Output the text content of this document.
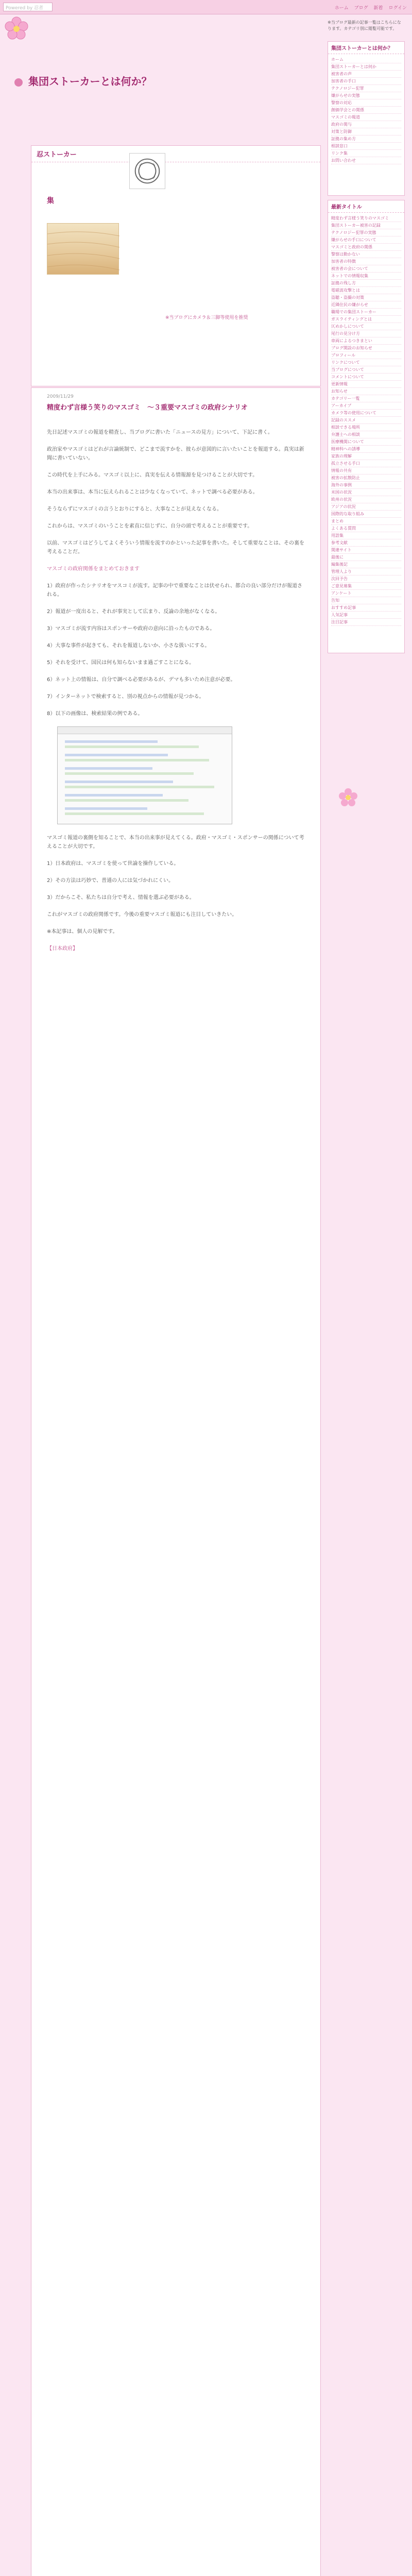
Powered by 忍者	ホーム ブログ 新着 ログイン
集団ストーカーとは何か？
忍ストーカー
集
※当ブログにカメラ＆三脚等使用を推奨
2009/11/29
精度わず言様う笑りのマスゴミ　～３重要マスゴミの政府シナリオ

先日記述マスゴミの報道を精査し、当ブログに書いた「ニュースの見方」について、下記に書く。

政治家やマスゴミはどれが言論統制で、どこまで流すかを、彼らが意図的に言いたいことを報道する。真実は新聞に書いていない。

この時代を上手にみる。マスゴミ以上に、真実を伝える情報源を見つけることが大切です。

本当の出来事は、本当に伝えられることは少なくなっていて、ネットで調べる必要がある。

そうならずにマスゴミの言うとおりにすると、大事なことが見えなくなる。

これからは、マスゴミのいうことを素直に信じずに、自分の頭で考えることが重要です。

以前、マスゴミはどうしてよくそういう情報を流すのかといった記事を書いた。そして重要なことは、その裏を考えることだ。

マスゴミの政府関係をまとめておきます

1）政府が作ったシナリオをマスコミが流す。記事の中で重要なことは伏せられ、都合の良い部分だけが報道される。

2）報道が一度出ると、それが事実として広まり、反論の余地がなくなる。

3）マスゴミが流す内容はスポンサーや政府の意向に沿ったものである。

4）大事な事件が起きても、それを報道しないか、小さな扱いにする。

5）それを受けて、国民は何も知らないまま過ごすことになる。

6）ネット上の情報は、自分で調べる必要があるが、デマも多いため注意が必要。

7）インターネットで検索すると、別の視点からの情報が見つかる。

8）以下の画像は、検索結果の例である。

マスゴミ報道の裏側を知ることで、本当の出来事が見えてくる。政府・マスゴミ・スポンサーの関係について考えることが大切です。

1）日本政府は、マスゴミを使って世論を操作している。

2）その方法は巧妙で、普通の人には気づかれにくい。

3）だからこそ、私たちは自分で考え、情報を選ぶ必要がある。

これがマスゴミの政府関係です。今後の重要マスゴミ報道にも注目していきたい。

※本記事は、個人の見解です。

【日本政府】

※当ブログ最新の記事一覧はこちらになります。カテゴリ別に閲覧可能です。
集団ストーカーとは何か？
ホーム
集団ストーカーとは何か
被害者の声
加害者の手口
テクノロジー犯罪
嫌がらせの実態
警察の対応
創価学会との関係
マスゴミの報道
政府の関与
対策と防御
証拠の集め方
相談窓口
リンク集
お問い合わせ
最新タイトル
精度わず言様う笑りのマスゴミ
集団ストーカー被害の記録
テクノロジー犯罪の実態
嫌がらせの手口について
マスゴミと政府の関係
警察は動かない
加害者の特徴
被害者の会について
ネットでの情報収集
証拠の残し方
電磁波攻撃とは
盗聴・盗撮の対策
近隣住民の嫌がらせ
職場での集団ストーカー
ガスライティングとは
仄めかしについて
尾行の見分け方
車両によるつきまとい
ブログ開設のお知らせ
プロフィール
リンクについて
当ブログについて
コメントについて
更新情報
お知らせ
カテゴリー一覧
アーカイブ
カメラ等の使用について
記録のススメ
相談できる場所
弁護士への相談
医療機関について
精神科への誘導
家族の理解
孤立させる手口
情報の共有
被害の拡散防止
海外の事例
米国の状況
欧州の状況
アジアの状況
国際的な取り組み
まとめ
よくある質問
用語集
参考文献
関連サイト
最後に
編集後記
管理人より
次回予告
ご意見募集
アンケート
告知
おすすめ記事
人気記事
注目記事
